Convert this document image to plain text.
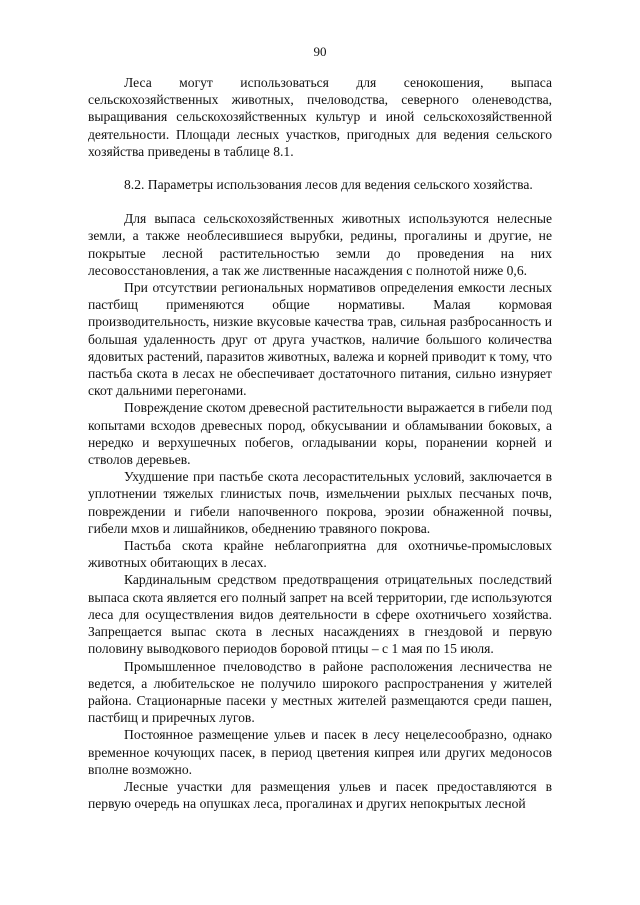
90

Леса могут использоваться для сенокошения, выпаса сельскохозяйственных животных, пчеловодства, северного оленеводства, выращивания сельскохозяйственных культур и иной сельскохозяйственной деятельности. Площади лесных участков, пригодных для ведения сельского хозяйства приведены в таблице 8.1.

8.2. Параметры использования лесов для ведения сельского хозяйства.

Для выпаса сельскохозяйственных животных используются нелесные земли, а также необлесившиеся вырубки, редины, прогалины и другие, не покрытые лесной растительностью земли до проведения на них лесовосстановления, а так же лиственные насаждения с полнотой ниже 0,6.

При отсутствии региональных нормативов определения емкости лесных пастбищ применяются общие нормативы. Малая кормовая производительность, низкие вкусовые качества трав, сильная разбросанность и большая удаленность друг от друга участков, наличие большого количества ядовитых растений, паразитов животных, валежа и корней приводит к тому, что пастьба скота в лесах не обеспечивает достаточного питания, сильно изнуряет скот дальними перегонами.

Повреждение скотом древесной растительности выражается в гибели под копытами всходов древесных пород, обкусывании и обламывании боковых, а нередко и верхушечных побегов, огладывании коры, поранении корней и стволов деревьев.

Ухудшение при пастьбе скота лесорастительных условий, заключается в уплотнении тяжелых глинистых почв, измельчении рыхлых песчаных почв, повреждении и гибели напочвенного покрова, эрозии обнаженной почвы, гибели мхов и лишайников, обеднению травяного покрова.

Пастьба скота крайне неблагоприятна для охотничье-промысловых животных обитающих в лесах.

Кардинальным средством предотвращения отрицательных последствий выпаса скота является его полный запрет на всей территории, где используются леса для осуществления видов деятельности в сфере охотничьего хозяйства. Запрещается выпас скота в лесных насаждениях в гнездовой и первую половину выводкового периодов боровой птицы – с 1 мая по 15 июля.

Промышленное пчеловодство в районе расположения лесничества не ведется, а любительское не получило широкого распространения у жителей района. Стационарные пасеки у местных жителей размещаются среди пашен, пастбищ и приречных лугов.

Постоянное размещение ульев и пасек в лесу нецелесообразно, однако временное кочующих пасек, в период цветения кипрея или других медоносов вполне возможно.

Лесные участки для размещения ульев и пасек предоставляются в первую очередь на опушках леса, прогалинах и других непокрытых лесной
